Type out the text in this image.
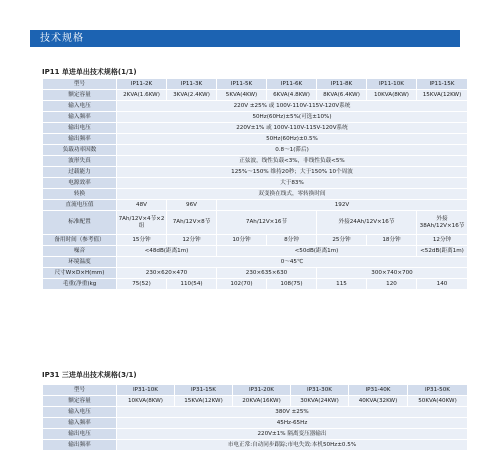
技术规格
IP11 单进单出技术规格(1/1)
型号	IP11-2K	IP11-3K	IP11-5K	IP11-6K	IP11-8K	IP11-10K	IP11-15K
额定容量	2KVA(1.6KW)	3KVA(2.4KW)	5KVA(4KW)	6KVA(4.8KW)	8KVA(6.4KW)	10KVA(8KW)	15KVA(12KW)
输入电压	220V ±25% 或 100V-110V-115V-120V系统						
输入频率	50Hz(60Hz)±5%(可选±10%)						
输出电压	220V±1% 或 100V-110V-115V-120V系统						
输出频率	50Hz(60Hz)±0.5%						
负载功率因数	0.8～1(滞后)						
波形失真	正弦波，线性负载<3%，非线性负载<5%						
过载能力	125%～150% 维持20秒；大于150% 10个周波						
电源效率	大于83%						
转换	双变换在线式，零转换时间						
直流电压值	48V	96V	192V				
标准配置	7Ah/12V×4节×2组	7Ah/12V×8节	7Ah/12V×16节		外接24Ah/12V×16节		外接38Ah/12V×16节
备用时间（参考值）	15分钟	12分钟	10分钟	8分钟	25分钟	18分钟	12分钟
噪音	<48dB(距离1m)		<50dB(距离1m)				<52dB(距离1m)
环境温度	0～45℃						
尺寸W×D×H(mm)	230×620×470		230×635×630		300×740×700		
毛重(净重)kg	75(52)	110(54)	102(70)	108(75)	115	120	140
IP31 三进单出技术规格(3/1)
型号	IP31-10K	IP31-15K	IP31-20K	IP31-30K	IP31-40K	IP31-50K
额定容量	10KVA(8KW)	15KVA(12KW)	20KVA(16KW)	30KVA(24KW)	40KVA(32KW)	50KVA(40KW)
输入电压	380V ±25%					
输入频率	45Hz-65Hz					
输出电压	220V±1% 隔离变压器输出					
输出频率	市电正常:自动同步跟踪;市电失效:本机50Hz±0.5%					
